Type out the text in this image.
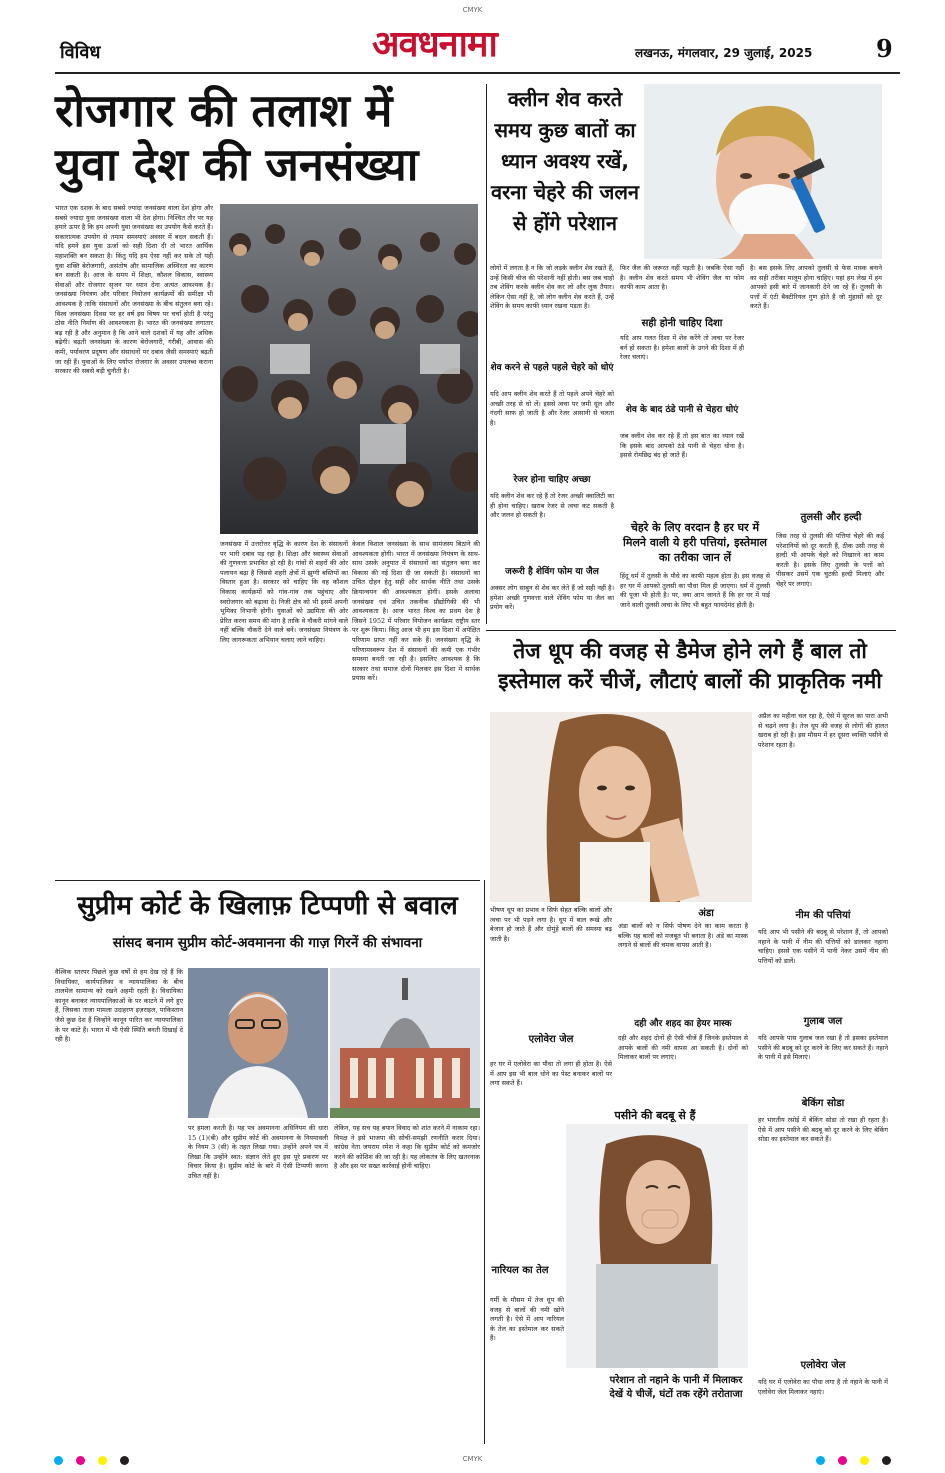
CMYK
विविध	अवधनामा	लखनऊ, मंगलवार, 29 जुलाई, 2025	9
रोजगार की तलाश में
युवा देश की जनसंख्या
भारत एक दशक के बाद सबसे ज्यादा जनसंख्या वाला देश होगा और सबसे ज्यादा युवा जनसंख्या वाला भी देश होगा। निश्चित तौर पर यह हमारे ऊपर है कि हम अपनी युवा जनसंख्या का उपयोग कैसे करते हैं। सकारात्मक उपयोग से तमाम समस्याएं अवसर में बदल सकती हैं। यदि हमने इस युवा ऊर्जा को सही दिशा दी तो भारत आर्थिक महाशक्ति बन सकता है। किंतु यदि हम ऐसा नहीं कर सके तो यही युवा शक्ति बेरोजगारी, असंतोष और सामाजिक अस्थिरता का कारण बन सकती है। आज के समय में शिक्षा, कौशल विकास, स्वास्थ्य सेवाओं और रोजगार सृजन पर ध्यान देना अत्यंत आवश्यक है। जनसंख्या नियंत्रण और परिवार नियोजन कार्यक्रमों की समीक्षा भी आवश्यक है ताकि संसाधनों और जनसंख्या के बीच संतुलन बना रहे। विश्व जनसंख्या दिवस पर हर वर्ष इस विषय पर चर्चा होती है परंतु ठोस नीति निर्माण की आवश्यकता है। भारत की जनसंख्या लगातार बढ़ रही है और अनुमान है कि आने वाले दशकों में यह और अधिक बढ़ेगी। बढ़ती जनसंख्या के कारण बेरोजगारी, गरीबी, आवास की कमी, पर्यावरण प्रदूषण और संसाधनों पर दबाव जैसी समस्याएं बढ़ती जा रही हैं। युवाओं के लिए पर्याप्त रोजगार के अवसर उपलब्ध कराना सरकार की सबसे बड़ी चुनौती है।
जनसंख्या में उत्तरोत्तर वृद्धि के कारण देश के संसाधनों पर भारी दबाव पड़ रहा है। शिक्षा और स्वास्थ्य सेवाओं की गुणवत्ता प्रभावित हो रही है। गांवों से शहरों की ओर पलायन बढ़ा है जिससे शहरी क्षेत्रों में झुग्गी बस्तियों का विस्तार हुआ है। सरकार को चाहिए कि वह कौशल विकास कार्यक्रमों को गांव-गांव तक पहुंचाए और स्वरोजगार को बढ़ावा दे। निजी क्षेत्र को भी इसमें अपनी भूमिका निभानी होगी। युवाओं को उद्यमिता की ओर प्रेरित करना समय की मांग है ताकि वे नौकरी मांगने वाले नहीं बल्कि नौकरी देने वाले बनें। जनसंख्या नियंत्रण के लिए जागरूकता अभियान चलाए जाने चाहिए।
केवल विशाल जनसंख्या के साथ सामंजस्य बिठाने की आवश्यकता होगी। भारत में जनसंख्या नियंत्रण के साथ-साथ उसके अनुपात में संसाधनों का संतुलन बना कर विकास की नई दिशा दी जा सकती है। संसाधनों का उचित दोहन हेतु सही और सार्थक नीति तथा उसके क्रियान्वयन की आवश्यकता होगी। इसके अलावा जनसंख्या एवं उचित तकनीक प्रौद्योगिकी की भी आवश्यकता है। आज भारत विश्व का प्रथम देश है जिसने 1952 में परिवार नियोजन कार्यक्रम राष्ट्रीय स्तर पर शुरू किया। किंतु आज भी हम इस दिशा में अपेक्षित परिणाम प्राप्त नहीं कर सके हैं। जनसंख्या वृद्धि के परिणामस्वरूप देश में संसाधनों की कमी एक गंभीर समस्या बनती जा रही है। इसलिए आवश्यक है कि सरकार तथा समाज दोनों मिलकर इस दिशा में सार्थक प्रयास करें।
क्लीन शेव करते समय कुछ बातों का ध्यान अवश्य रखें, वरना चेहरे की जलन से होंगे परेशान
लोगों में लगता है न कि जो लड़के क्लीन शेव रखते हैं, उन्हें किसी चीज की परेशानी नहीं होती। बस जब चाहो तब शेविंग करके क्लीन शेव कर लो और लुक तैयार। लेकिन ऐसा नहीं है, जो लोग क्लीन शेव करते हैं, उन्हें शेविंग के समय काफी ध्यान रखना पड़ता है।
शेव करने से पहले पहले चेहरे को धोएं
यदि आप क्लीन शेव करते हैं तो पहले अपने चेहरे को अच्छी तरह से धो लें। इससे त्वचा पर जमी धूल और गंदगी साफ हो जाती है और रेजर आसानी से चलता है।
रेजर होना चाहिए अच्छा
यदि क्लीन शेव कर रहे हैं तो रेजर अच्छी क्वालिटी का ही होना चाहिए। खराब रेजर से त्वचा कट सकती है और जलन हो सकती है।
जरूरी है शेविंग फोम या जैल
अक्सर लोग साबुन से शेव कर लेते हैं जो सही नहीं है। हमेशा अच्छी गुणवत्ता वाले शेविंग फोम या जैल का प्रयोग करें।
फिर जैल की जरूरत नहीं पड़ती है। जबकि ऐसा नहीं है। क्लीन शेव करते समय भी शेविंग जैल या फोम काफी काम आता है।
सही होनी चाहिए दिशा
यदि आप गलत दिशा में शेव करेंगे तो त्वचा पर रेजर बर्न हो सकता है। हमेशा बालों के उगने की दिशा में ही रेजर चलाएं।
शेव के बाद ठंडे पानी से चेहरा धोएं
जब क्लीन शेव कर रहे हैं तो इस बात का ध्यान रखें कि इसके बाद आपको ठंडे पानी से चेहरा धोना है। इससे रोमछिद्र बंद हो जाते हैं।
चेहरे के लिए वरदान है हर घर में मिलने वाली ये हरी पत्तियां, इस्तेमाल का तरीका जान लें
हिंदू धर्म में तुलसी के पौधे का काफी महत्व होता है। इस वजह से हर घर में आपको तुलसी का पौधा मिल ही जाएगा। धर्म में तुलसी की पूजा भी होती है। पर, क्या आप जानते हैं कि हर घर में पाई जाने वाली तुलसी त्वचा के लिए भी बहुत फायदेमंद होती है।
है। बस इसके लिए आपको तुलसी से फेस मास्क बनाने का सही तरीका मालूम होना चाहिए। यहां हम लेख में हम आपको इसी बारे में जानकारी देने जा रहे हैं। तुलसी के पत्तों में एंटी बैक्टीरियल गुण होते हैं जो मुंहासों को दूर करते हैं।
तुलसी और हल्दी
जिस तरह से तुलसी की पत्तियां चेहरे की कई परेशानियों को दूर करती हैं, ठीक उसी तरह से हल्दी भी आपके चेहरे को निखारने का काम करती है। इसके लिए तुलसी के पत्तों को पीसकर उसमें एक चुटकी हल्दी मिलाएं और चेहरे पर लगाएं।
तेज धूप की वजह से डैमेज होने लगे हैं बाल तो
इस्तेमाल करें चीजें, लौटाएं बालों की प्राकृतिक नमी
भीषण धूप का प्रभाव न सिर्फ सेहत बल्कि बालों और त्वचा पर भी पड़ने लगा है। धूप में बाल रूखे और बेजान हो जाते हैं और दोमुंहे बालों की समस्या बढ़ जाती है।
अंडा
अंडा बालों को न सिर्फ पोषण देने का काम करता है बल्कि यह बालों को मजबूत भी बनाता है। अंडे का मास्क लगाने से बालों की चमक वापस आती है।
दही और शहद का हेयर मास्क
दही और शहद दोनों ही ऐसी चीजें हैं जिनके इस्तेमाल से आपके बालों की नमी वापस आ सकती है। दोनों को मिलाकर बालों पर लगाएं।
एलोवेरा जेल
हर घर में एलोवेरा का पौधा तो लगा ही होता है। ऐसे में आप इस भी बाल धोने का पेस्ट बनाकर बालों पर लगा सकते हैं।
नारियल का तेल
गर्मी के मौसम में तेज धूप की वजह से बालों की नमी खोने लगती है। ऐसे में आप नारियल के तेल का इस्तेमाल कर सकते हैं।
पसीने की बदबू से हैं
परेशान तो नहाने के पानी में मिलाकर देखें ये चीजें, घंटों तक रहेंगे तरोताजा
अप्रैल का महीना चल रहा है, ऐसे में सूरज का पारा अभी से चढ़ने लगा है। तेज धूप की वजह से लोगों की हालत खराब हो रही है। इस मौसम में हर दूसरा व्यक्ति पसीने से परेशान रहता है।
नीम की पत्तियां
यदि आप भी पसीने की बदबू से परेशान हैं, तो आपको नहाने के पानी में नीम की पत्तियों को डालकर नहाना चाहिए। इससे एक पसीने में पानी नेकर उसमें नीम की पत्तियों को डालें।
गुलाब जल
यदि आपके पास गुलाब जल रखा है तो इसका इस्तेमाल पसीने की बदबू को दूर करने के लिए कर सकते हैं। नहाने के पानी में इसे मिलाएं।
बेकिंग सोडा
हर भारतीय रसोई में बेकिंग सोडा तो रखा ही रहता है। ऐसे में आप पसीने की बदबू को दूर करने के लिए बेकिंग सोडा का इस्तेमाल कर सकते हैं।
एलोवेरा जेल
यदि घर में एलोवेरा का पौधा लगा है तो नहाने के पानी में एलोवेरा जेल मिलाकर नहाएं।
सुप्रीम कोर्ट के खिलाफ़ टिप्पणी से बवाल
सांसद बनाम सुप्रीम कोर्ट-अवमानना की गाज़ गिरनें की संभावना
वैश्विक स्तरपर पिछले कुछ वर्षों से हम देख रहे हैं कि विधायिका, कार्यपालिका व न्यायपालिका के बीच तालमेल सामान्य को रखने अहमी रहती है। विधायिका कानून बनाकर न्यायपालिकाओं के पर काटने में लगे हुए हैं, जिसका ताजा मामला उदाहरण इज़राइल, पाकिस्तान जैसे कुछ देश हैं जिन्होंने कानून पारित कर न्यायपालिका के पर काटे हैं। भारत में भी ऐसी स्थिति बनती दिखाई दे रही है।
पर हमला करती है। यह पत्र अवमानना अधिनियम की धारा 15 (1)(बी) और सुप्रीम कोर्ट की अवमानना के नियमावली के नियम 3 (सी) के तहत लिखा गया। उन्होंने अपने पत्र में लिखा कि उन्होंने स्वत: संज्ञान लेते हुए इस पूरे प्रकरण पर विचार किया है। सुप्रीम कोर्ट के बारे में ऐसी टिप्पणी करना उचित नहीं है।
लेकिन, यह सच यह बयान विवाद को शांत करने में नाकाम रहा। विपक्ष ने इसे भाजपा की सोची-समझी रणनीति करार दिया। कांग्रेस नेता जयराम रमेश ने कहा कि सुप्रीम कोर्ट को कमजोर करने की कोशिश की जा रही है। यह लोकतंत्र के लिए खतरनाक है और इस पर सख्त कार्रवाई होनी चाहिए।

CMYK
